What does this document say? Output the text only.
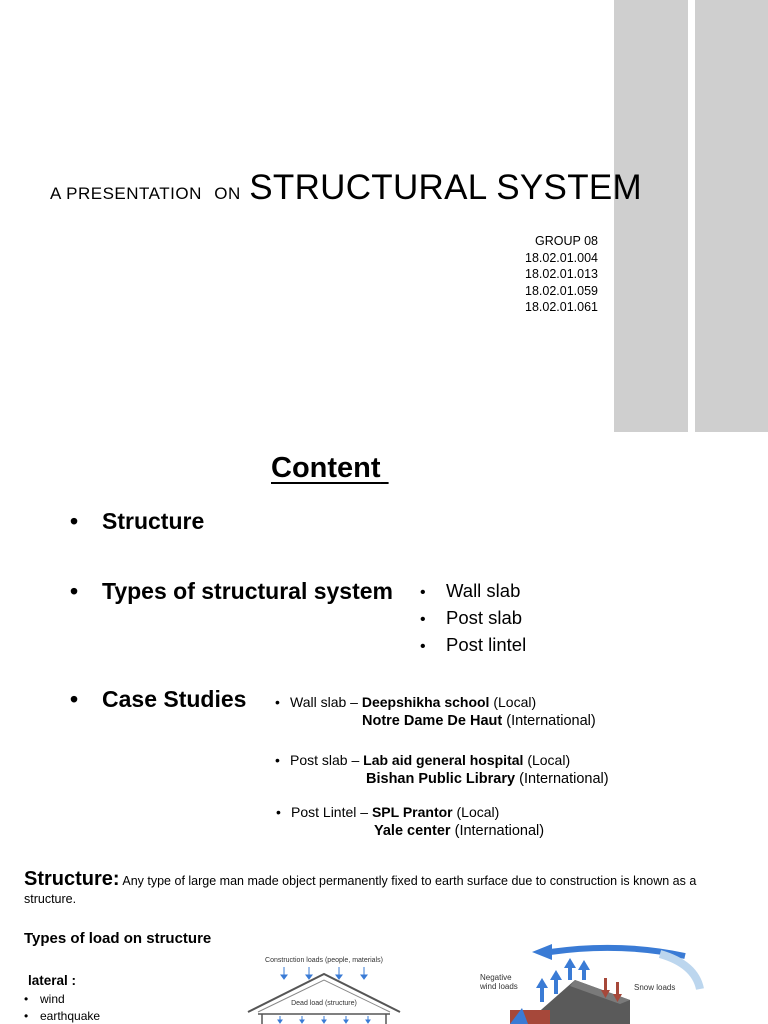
A PRESENTATION ON STRUCTURAL SYSTEM
GROUP 08
18.02.01.004
18.02.01.013
18.02.01.059
18.02.01.061
Content
• Structure
• Types of structural system
• Case Studies
• Wall slab
• Post slab
• Post lintel
• Wall slab – Deepshikha school (Local)
Notre Dame De Haut (International)
• Post slab – Lab aid general hospital (Local)
Bishan Public Library (International)
• Post Lintel – SPL Prantor (Local)
Yale center (International)
Structure: Any type of large man made object permanently fixed to earth surface due to construction is known as a structure.
Types of load on structure
lateral :
• wind
• earthquake
Construction loads (people, materials)
Dead load (structure)
Negative
wind loads	Snow loads
